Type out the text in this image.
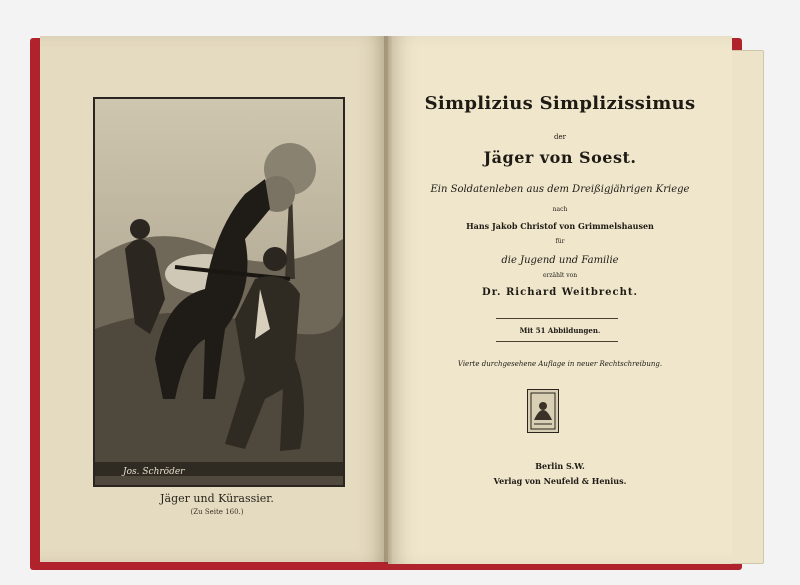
Jos. Schröder
Jäger und Kürassier.
(Zu Seite 160.)
Simplizius Simplizissimus
der
Jäger von Soest.
Ein Soldatenleben aus dem Dreißigjährigen Kriege
nach
Hans Jakob Christof von Grimmelshausen
für
die Jugend und Familie
erzählt von
Dr. Richard Weitbrecht.
Mit 51 Abbildungen.
Vierte durchgesehene Auflage in neuer Rechtschreibung.
Berlin S.W.
Verlag von Neufeld & Henius.
